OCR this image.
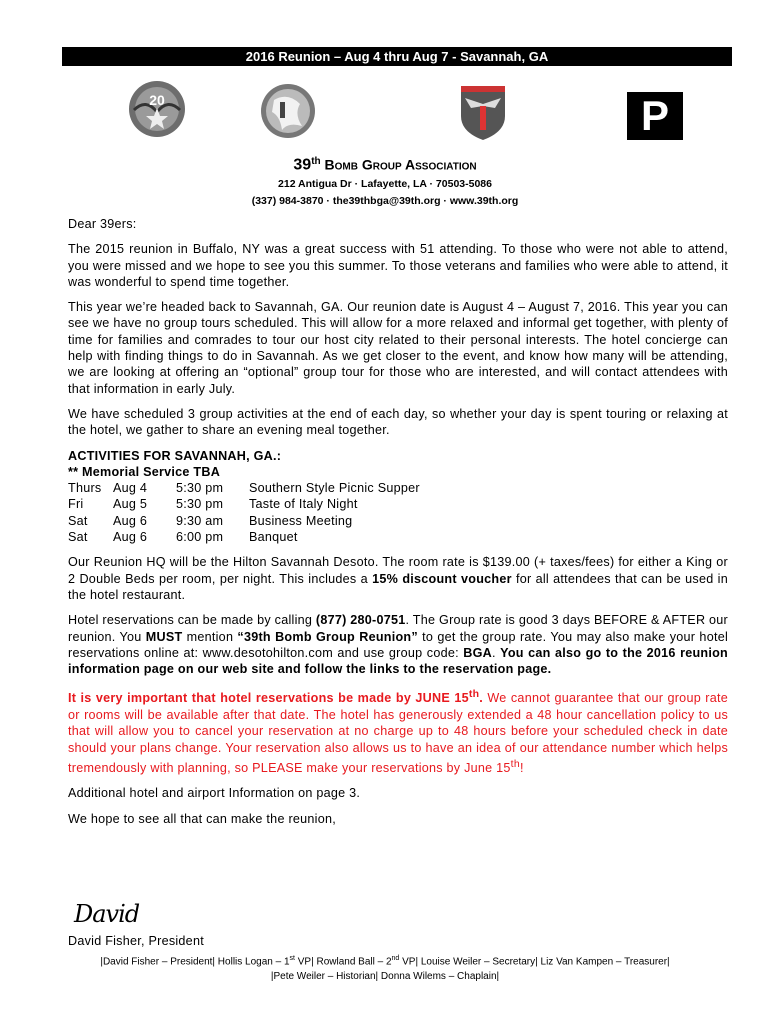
2016 Reunion – Aug 4 thru Aug 7 - Savannah, GA
20	P
39th Bomb Group Association
212 Antigua Dr · Lafayette, LA · 70503-5086
(337) 984-3870 · the39thbga@39th.org · www.39th.org

Dear 39ers:

The 2015 reunion in Buffalo, NY was a great success with 51 attending. To those who were not able to attend, you were missed and we hope to see you this summer. To those veterans and families who were able to attend, it was wonderful to spend time together.

This year we’re headed back to Savannah, GA. Our reunion date is August 4 – August 7, 2016. This year you can see we have no group tours scheduled. This will allow for a more relaxed and informal get together, with plenty of time for families and comrades to tour our host city related to their personal interests. The hotel concierge can help with finding things to do in Savannah. As we get closer to the event, and know how many will be attending, we are looking at offering an “optional” group tour for those who are interested, and will contact attendees with that information in early July.

We have scheduled 3 group activities at the end of each day, so whether your day is spent touring or relaxing at the hotel, we gather to share an evening meal together.

ACTIVITIES FOR SAVANNAH, GA.:
** Memorial Service TBA
Thurs Aug 4	5:30 pm	Southern Style Picnic Supper
Fri	Aug 5	5:30 pm	Taste of Italy Night
Sat	Aug 6	9:30 am	Business Meeting
Sat	Aug 6	6:00 pm	Banquet

Our Reunion HQ will be the Hilton Savannah Desoto. The room rate is $139.00 (+ taxes/fees) for either a King or 2 Double Beds per room, per night. This includes a 15% discount voucher for all attendees that can be used in the hotel restaurant.

Hotel reservations can be made by calling (877) 280-0751. The Group rate is good 3 days BEFORE & AFTER our reunion. You MUST mention “39th Bomb Group Reunion” to get the group rate. You may also make your hotel reservations online at: www.desotohilton.com and use group code: BGA. You can also go to the 2016 reunion information page on our web site and follow the links to the reservation page.

It is very important that hotel reservations be made by JUNE 15th. We cannot guarantee that our group rate or rooms will be available after that date. The hotel has generously extended a 48 hour cancellation policy to us that will allow you to cancel your reservation at no charge up to 48 hours before your scheduled check in date should your plans change. Your reservation also allows us to have an idea of our attendance number which helps tremendously with planning, so PLEASE make your reservations by June 15th!

Additional hotel and airport Information on page 3.

We hope to see all that can make the reunion,

David
David Fisher, President
|David Fisher – President| Hollis Logan – 1st VP| Rowland Ball – 2nd VP| Louise Weiler – Secretary| Liz Van Kampen – Treasurer|
|Pete Weiler – Historian| Donna Wilems – Chaplain|
